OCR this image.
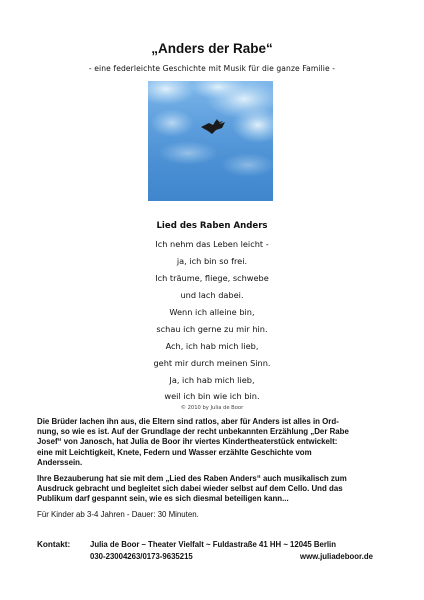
„Anders der Rabe“
- eine federleichte Geschichte mit Musik für die ganze Familie -
Lied des Raben Anders
Ich nehm das Leben leicht -
ja, ich bin so frei.
Ich träume, fliege, schwebe
und lach dabei.
Wenn ich alleine bin,
schau ich gerne zu mir hin.
Ach, ich hab mich lieb,
geht mir durch meinen Sinn.
Ja, ich hab mich lieb,
weil ich bin wie ich bin.
© 2010 by Julia de Boor
Die Brüder lachen ihn aus, die Eltern sind ratlos, aber für Anders ist alles in Ord-
nung, so wie es ist. Auf der Grundlage der recht unbekannten Erzählung „Der Rabe
Josef“ von Janosch, hat Julia de Boor ihr viertes Kindertheaterstück entwickelt:
eine mit Leichtigkeit, Knete, Federn und Wasser erzählte Geschichte vom
Anderssein.
Ihre Bezauberung hat sie mit dem „Lied des Raben Anders“ auch musikalisch zum
Ausdruck gebracht und begleitet sich dabei wieder selbst auf dem Cello. Und das
Publikum darf gespannt sein, wie es sich diesmal beteiligen kann...
Für Kinder ab 3-4 Jahren - Dauer: 30 Minuten.
Kontakt:	Julia de Boor – Theater Vielfalt ~ Fuldastraße 41 HH ~ 12045 Berlin
030-23004263/0173-9635215	www.juliadeboor.de
